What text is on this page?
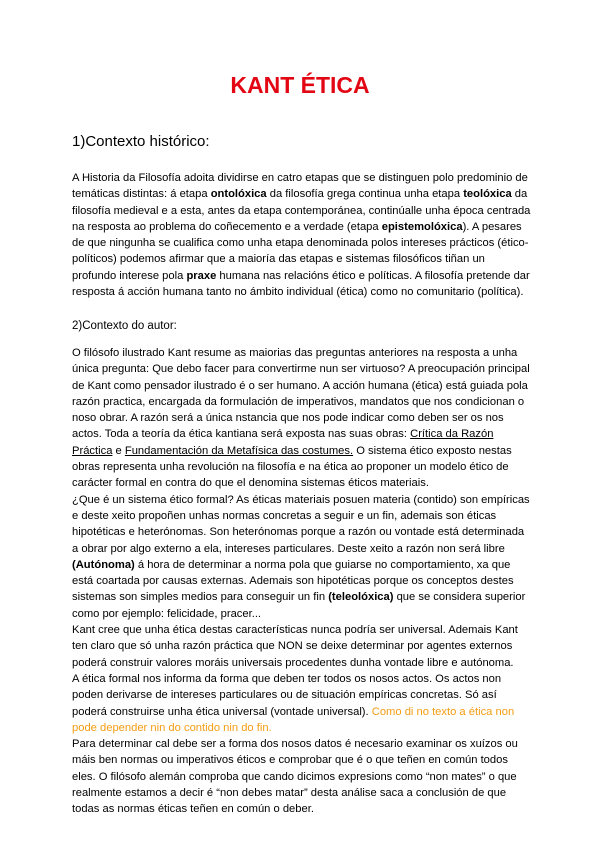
KANT ÉTICA
1)Contexto histórico:

A Historia da Filosofía adoita dividirse en catro etapas que se distinguen polo predominio de temáticas distintas: á etapa ontolóxica da filosofía grega continua unha etapa teolóxica da filosofía medieval e a esta, antes da etapa contemporánea, continúalle unha época centrada na resposta ao problema do coñecemento e a verdade (etapa epistemolóxica). A pesares de que ningunha se cualifica como unha etapa denominada polos intereses prácticos (ético-políticos) podemos afirmar que a maioría das etapas e sistemas filosóficos tiñan un profundo interese pola praxe humana nas relacións ético e políticas. A filosofía pretende dar resposta á acción humana tanto no ámbito individual (ética) como no comunitario (política).

2)Contexto do autor:
O filósofo ilustrado Kant resume as maiorias das preguntas anteriores na resposta a unha única pregunta: Que debo facer para convertirme nun ser virtuoso? A preocupación principal de Kant como pensador ilustrado é o ser humano. A acción humana (ética) está guiada pola razón practica, encargada da formulación de imperativos, mandatos que nos condicionan o noso obrar. A razón será a única nstancia que nos pode indicar como deben ser os nos actos. Toda a teoría da ética kantiana será exposta nas suas obras: Crítica da Razón Práctica e Fundamentación da Metafísica das costumes. O sistema ético exposto nestas obras representa unha revolución na filosofía e na ética ao proponer un modelo ético de carácter formal en contra do que el denomina sistemas éticos materiais.
¿Que é un sistema ético formal? As éticas materiais posuen materia (contido) son empíricas e deste xeito propoñen unhas normas concretas a seguir e un fin, ademais son éticas hipotéticas e heterónomas. Son heterónomas porque a razón ou vontade está determinada a obrar por algo externo a ela, intereses particulares. Deste xeito a razón non será libre (Autónoma) á hora de determinar a norma pola que guiarse no comportamiento, xa que está coartada por causas externas. Ademais son hipotéticas porque os conceptos destes sistemas son simples medios para conseguir un fin (teleolóxica) que se considera superior como por ejemplo: felicidade, pracer...
Kant cree que unha ética destas características nunca podría ser universal. Ademais Kant ten claro que só unha razón práctica que NON se deixe determinar por agentes externos poderá construir valores moráis universais procedentes dunha vontade libre e autónoma.
A ética formal nos informa da forma que deben ter todos os nosos actos. Os actos non poden derivarse de intereses particulares ou de situación empíricas concretas. Só así poderá construirse unha ética universal (vontade universal). Como di no texto a ética non pode depender nin do contido nin do fin.
Para determinar cal debe ser a forma dos nosos datos é necesario examinar os xuízos ou máis ben normas ou imperativos éticos e comprobar que é o que teñen en común todos eles. O filósofo alemán comproba que cando dicimos expresions como “non mates” o que realmente estamos a decir é “non debes matar” desta análise saca a conclusión de que todas as normas éticas teñen en común o deber.
